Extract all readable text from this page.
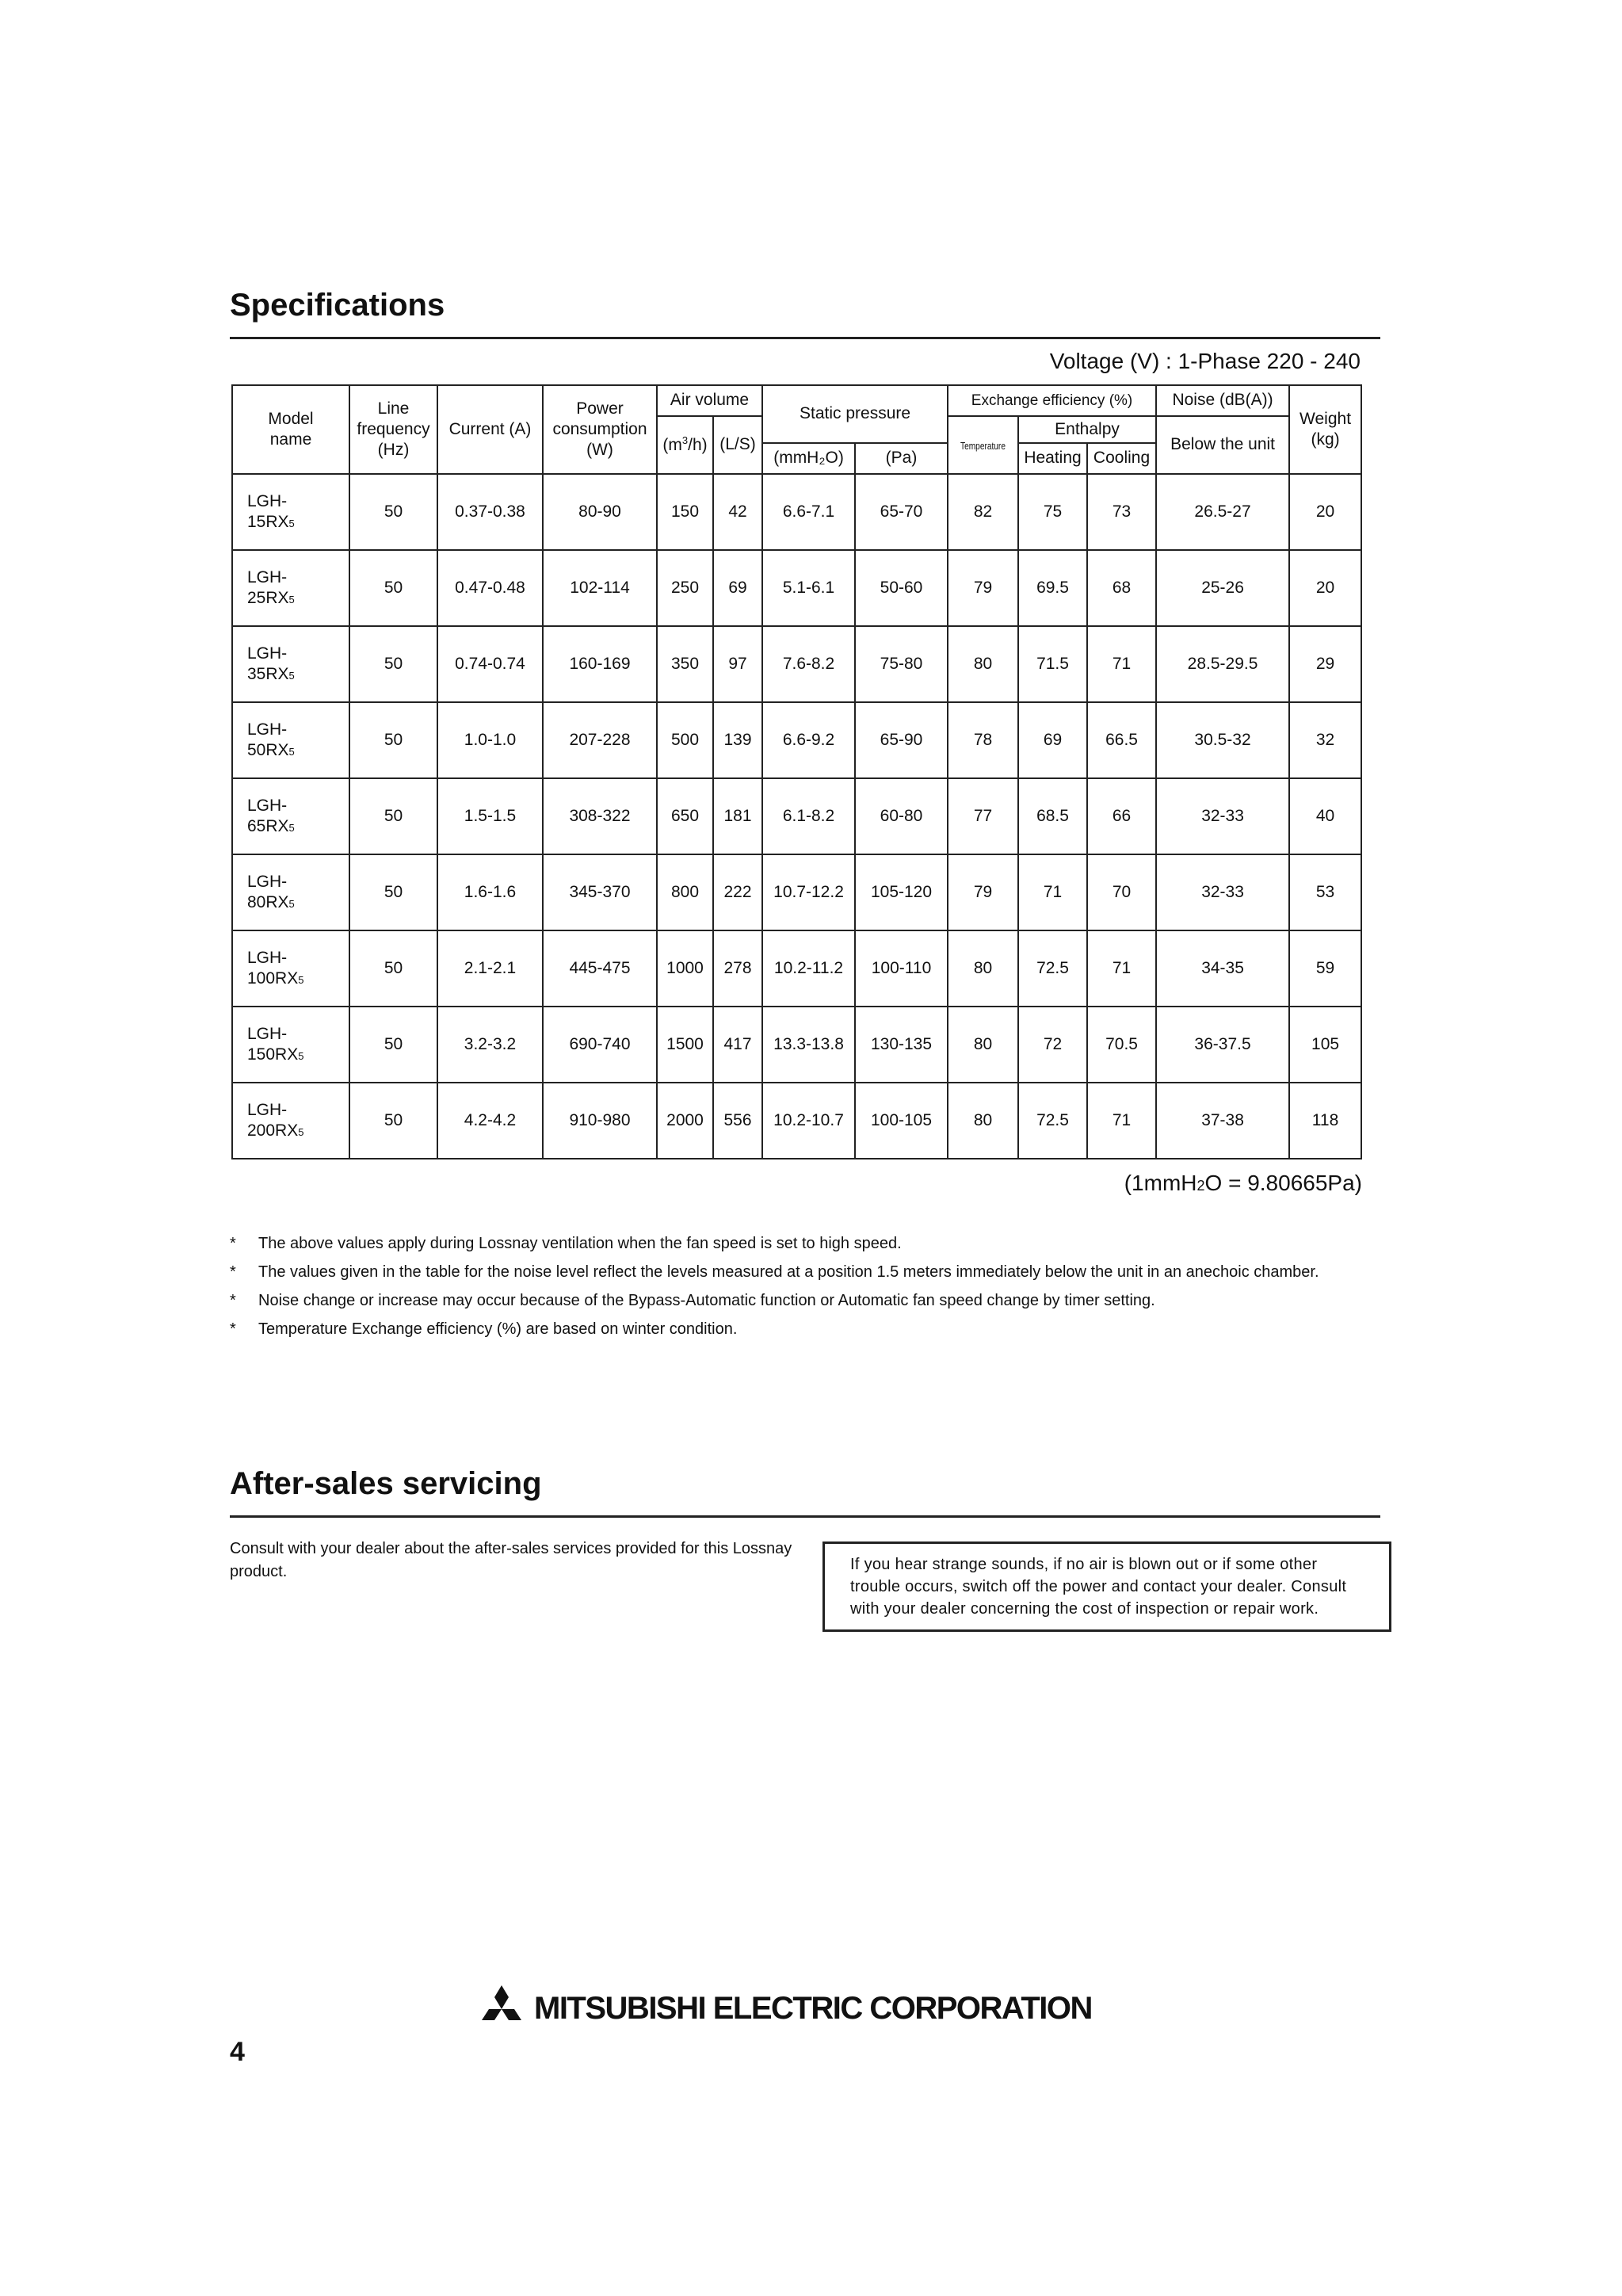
Specifications
Voltage (V) : 1-Phase 220 - 240
Model name	Line frequency (Hz)	Current (A)	Power consumption (W)	Air volume		Static pressure		Exchange efficiency (%)			Noise (dB(A))	Weight (kg)
				$(m^3/h)$	(L/S)			Temperature	Enthalpy		Below the unit	
						(mmH₂O)	(Pa)		Heating	Cooling		
LGH-
15RX5	50	0.37-0.38	80-90	150	42	6.6-7.1	65-70	82	75	73	26.5-27	20
LGH-
25RX5	50	0.47-0.48	102-114	250	69	5.1-6.1	50-60	79	69.5	68	25-26	20
LGH-
35RX5	50	0.74-0.74	160-169	350	97	7.6-8.2	75-80	80	71.5	71	28.5-29.5	29
LGH-
50RX5	50	1.0-1.0	207-228	500	139	6.6-9.2	65-90	78	69	66.5	30.5-32	32
LGH-
65RX5	50	1.5-1.5	308-322	650	181	6.1-8.2	60-80	77	68.5	66	32-33	40
LGH-
80RX5	50	1.6-1.6	345-370	800	222	10.7-12.2	105-120	79	71	70	32-33	53
LGH-
100RX5	50	2.1-2.1	445-475	1000	278	10.2-11.2	100-110	80	72.5	71	34-35	59
LGH-
150RX5	50	3.2-3.2	690-740	1500	417	13.3-13.8	130-135	80	72	70.5	36-37.5	105
LGH-
200RX5	50	4.2-4.2	910-980	2000	556	10.2-10.7	100-105	80	72.5	71	37-38	118
(1mmH2O = 9.80665Pa)
* The above values apply during Lossnay ventilation when the fan speed is set to high speed.
* The values given in the table for the noise level reflect the levels measured at a position 1.5 meters immediately below the unit in an anechoic chamber.
* Noise change or increase may occur because of the Bypass-Automatic function or Automatic fan speed change by timer setting.
* Temperature Exchange efficiency (%) are based on winter condition.
After-sales servicing
Consult with your dealer about the after-sales services provided for this Lossnay product.	If you hear strange sounds, if no air is blown out or if some other trouble occurs, switch off the power and contact your dealer. Consult with your dealer concerning the cost of inspection or repair work.
MITSUBISHI ELECTRIC CORPORATION
4
